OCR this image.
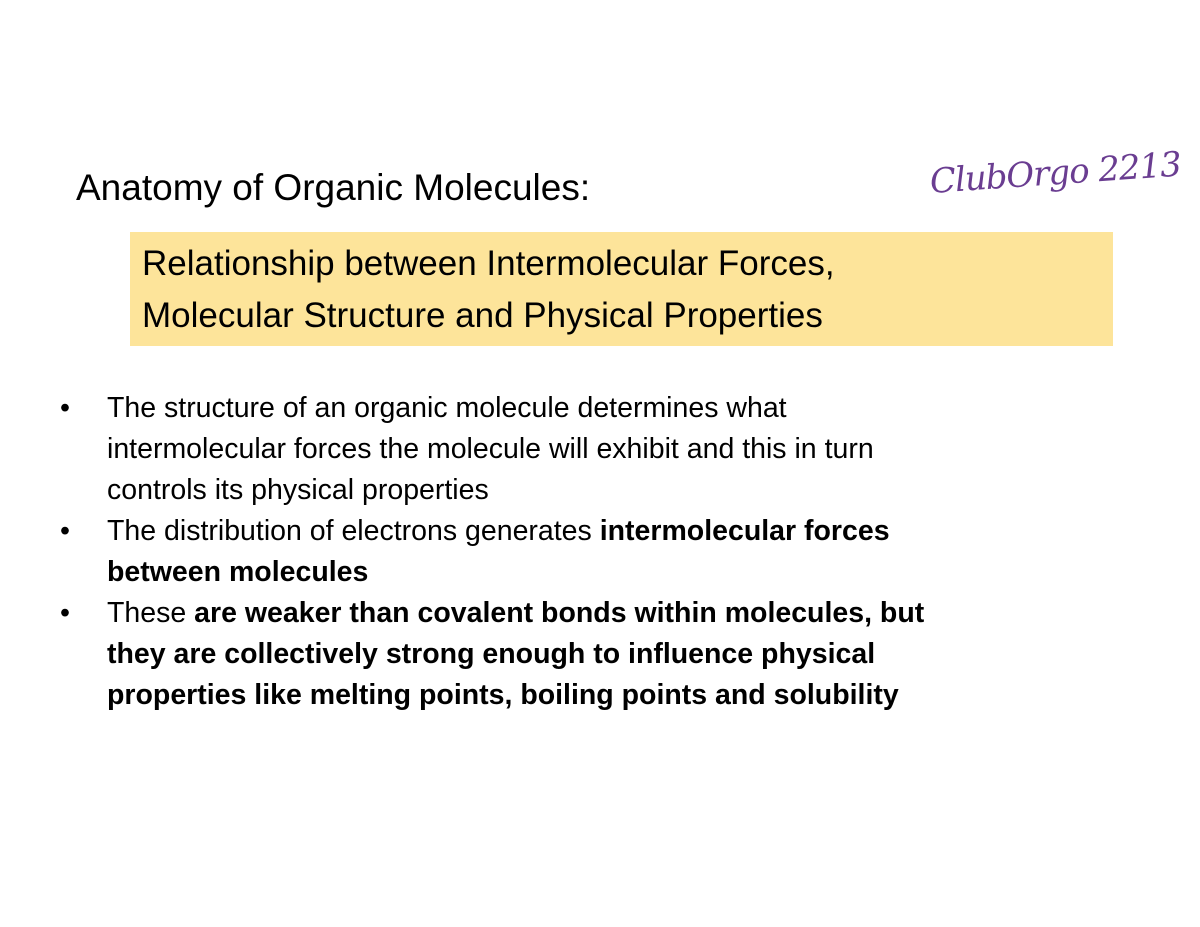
Anatomy of Organic Molecules:	ClubOrgo 2213
Relationship between Intermolecular Forces,
Molecular Structure and Physical Properties
•	The structure of an organic molecule determines what
intermolecular forces the molecule will exhibit and this in turn
controls its physical properties
•	The distribution of electrons generates intermolecular forces
between molecules
•	These are weaker than covalent bonds within molecules, but
they are collectively strong enough to influence physical
properties like melting points, boiling points and solubility
